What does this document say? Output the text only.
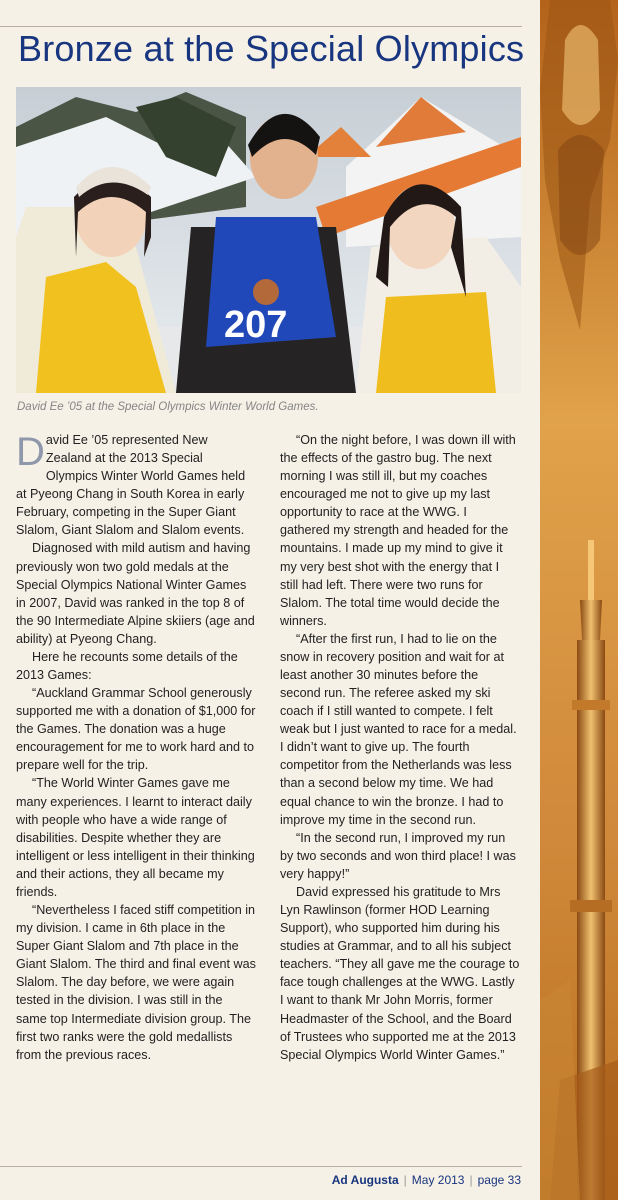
Bronze at the Special Olympics
207
David Ee ’05 at the Special Olympics Winter World Games.

David Ee ’05 represented New Zealand at the 2013 Special Olympics Winter World Games held at Pyeong Chang in South Korea in early February, competing in the Super Giant Slalom, Giant Slalom and Slalom events.

Diagnosed with mild autism and having previously won two gold medals at the Special Olympics National Winter Games in 2007, David was ranked in the top 8 of the 90 Intermediate Alpine skiiers (age and ability) at Pyeong Chang.

Here he recounts some details of the 2013 Games:

“Auckland Grammar School generously supported me with a donation of $1,000 for the Games. The donation was a huge encouragement for me to work hard and to prepare well for the trip.

“The World Winter Games gave me many experiences. I learnt to interact daily with people who have a wide range of disabilities. Despite whether they are intelligent or less intelligent in their thinking and their actions, they all became my friends.

“Nevertheless I faced stiff competition in my division. I came in 6th place in the Super Giant Slalom and 7th place in the Giant Slalom. The third and final event was Slalom. The day before, we were again tested in the division. I was still in the same top Intermediate division group. The first two ranks were the gold medallists from the previous races.

“On the night before, I was down ill with the effects of the gastro bug. The next morning I was still ill, but my coaches encouraged me not to give up my last opportunity to race at the WWG. I gathered my strength and headed for the mountains. I made up my mind to give it my very best shot with the energy that I still had left. There were two runs for Slalom. The total time would decide the winners.

“After the first run, I had to lie on the snow in recovery position and wait for at least another 30 minutes before the second run. The referee asked my ski coach if I still wanted to compete. I felt weak but I just wanted to race for a medal. I didn’t want to give up. The fourth competitor from the Netherlands was less than a second below my time. We had equal chance to win the bronze. I had to improve my time in the second run.

“In the second run, I improved my run by two seconds and won third place! I was very happy!”

David expressed his gratitude to Mrs Lyn Rawlinson (former HOD Learning Support), who supported him during his studies at Grammar, and to all his subject teachers. “They all gave me the courage to face tough challenges at the WWG. Lastly I want to thank Mr John Morris, former Headmaster of the School, and the Board of Trustees who supported me at the 2013 Special Olympics World Winter Games.”

Ad Augusta | May 2013 | page 33
